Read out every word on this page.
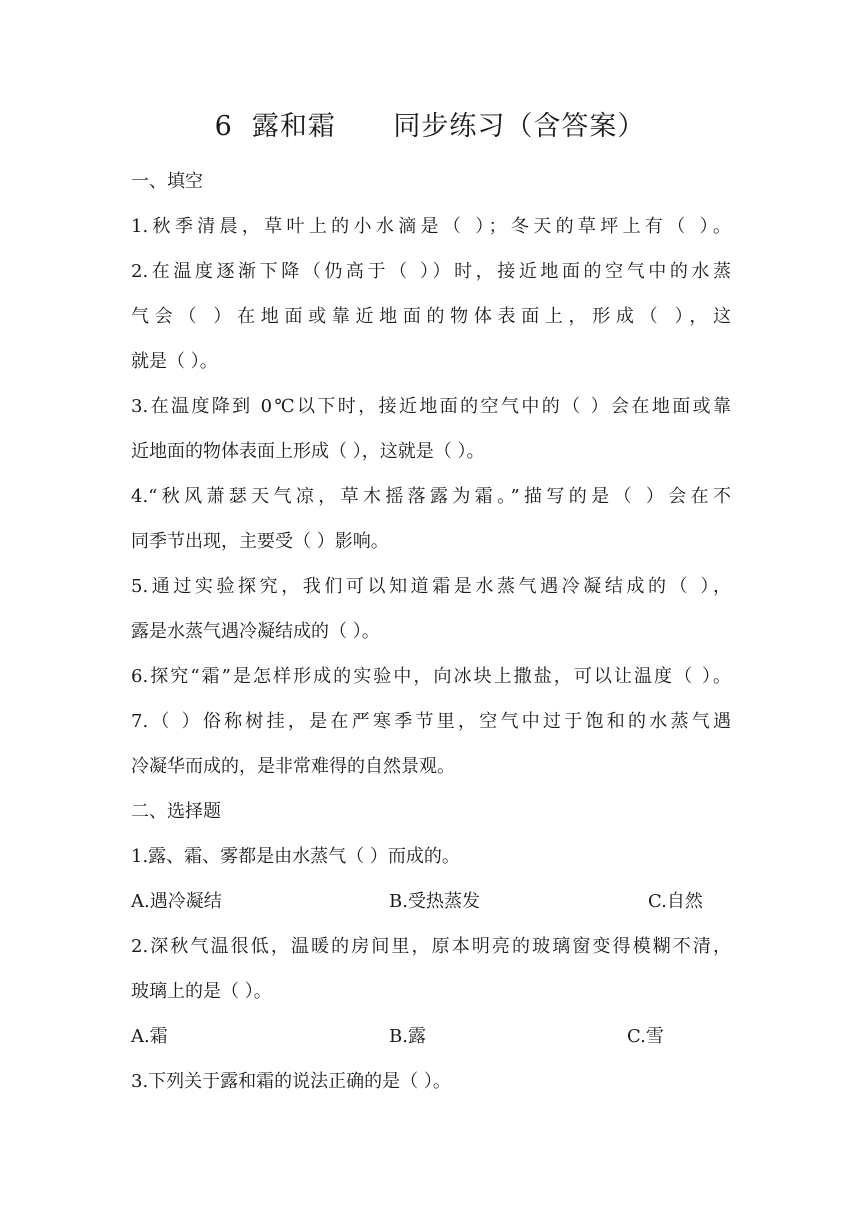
6  露和霜      同步练习（含答案）
一、填空
1.秋季清晨，草叶上的小水滴是（ ）；冬天的草坪上有（ ）。
2.在温度逐渐下降（仍高于（ ））时，接近地面的空气中的水蒸
气会（ ）在地面或靠近地面的物体表面上，形成（ ），这
就是（ ）。
3.在温度降到 0℃以下时，接近地面的空气中的（ ）会在地面或靠
近地面的物体表面上形成（ ），这就是（ ）。
4.“秋风萧瑟天气凉，草木摇落露为霜。”描写的是（ ）会在不
同季节出现，主要受（ ）影响。
5.通过实验探究，我们可以知道霜是水蒸气遇冷凝结成的（ ），
露是水蒸气遇冷凝结成的（ ）。
6.探究“霜”是怎样形成的实验中，向冰块上撒盐，可以让温度（ ）。
7.（ ）俗称树挂，是在严寒季节里，空气中过于饱和的水蒸气遇
冷凝华而成的，是非常难得的自然景观。
二、选择题
1.露、霜、雾都是由水蒸气（ ）而成的。
A.遇冷凝结	B.受热蒸发	C.自然
2.深秋气温很低，温暖的房间里，原本明亮的玻璃窗变得模糊不清，
玻璃上的是（ ）。
A.霜	B.露	C.雪
3.下列关于露和霜的说法正确的是（ ）。
